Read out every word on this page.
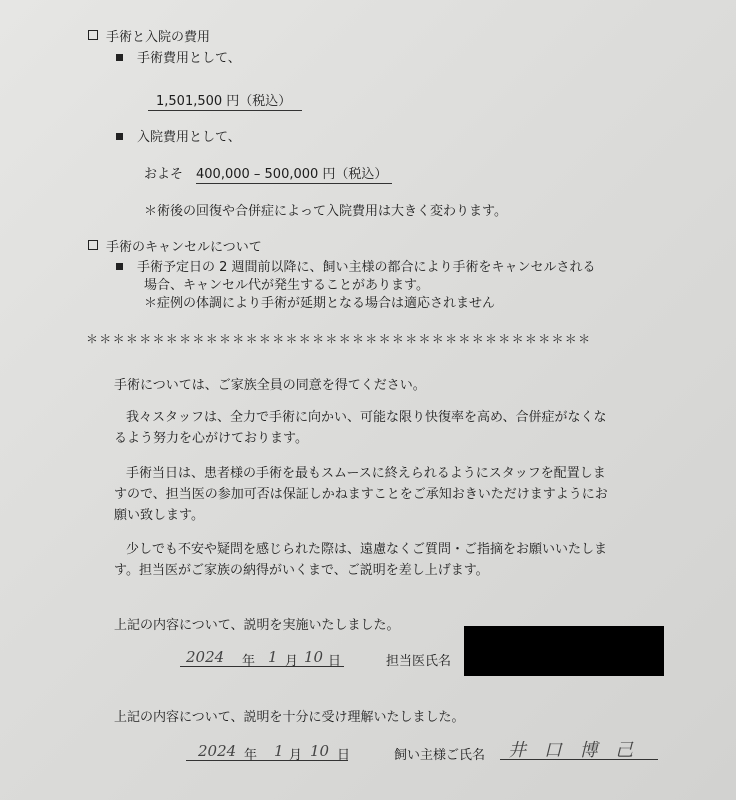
手術と入院の費用
手術費用として、
1,501,500 円（税込）
入院費用として、
およそ 400,000 – 500,000 円（税込）
＊術後の回復や合併症によって入院費用は大きく変わります。
手術のキャンセルについて
手術予定日の 2 週間前以降に、飼い主様の都合により手術をキャンセルされる
場合、キャンセル代が発生することがあります。
＊症例の体調により手術が延期となる場合は適応されません
＊＊＊＊＊＊＊＊＊＊＊＊＊＊＊＊＊＊＊＊＊＊＊＊＊＊＊＊＊＊＊＊＊＊＊＊＊＊
手術については、ご家族全員の同意を得てください。
我々スタッフは、全力で手術に向かい、可能な限り快復率を高め、合併症がなくな
るよう努力を心がけております。
手術当日は、患者様の手術を最もスムースに終えられるようにスタッフを配置しま
すので、担当医の参加可否は保証しかねますことをご承知おきいただけますようにお
願い致します。
少しでも不安や疑問を感じられた際は、遠慮なくご質問・ご指摘をお願いいたしま
す。担当医がご家族の納得がいくまで、ご説明を差し上げます。
上記の内容について、説明を実施いたしました。
2024 年 1 月 10 日	担当医氏名
上記の内容について、説明を十分に受け理解いたしました。
2024 年 1 月 10 日	飼い主様ご氏名 井 口 博 己
